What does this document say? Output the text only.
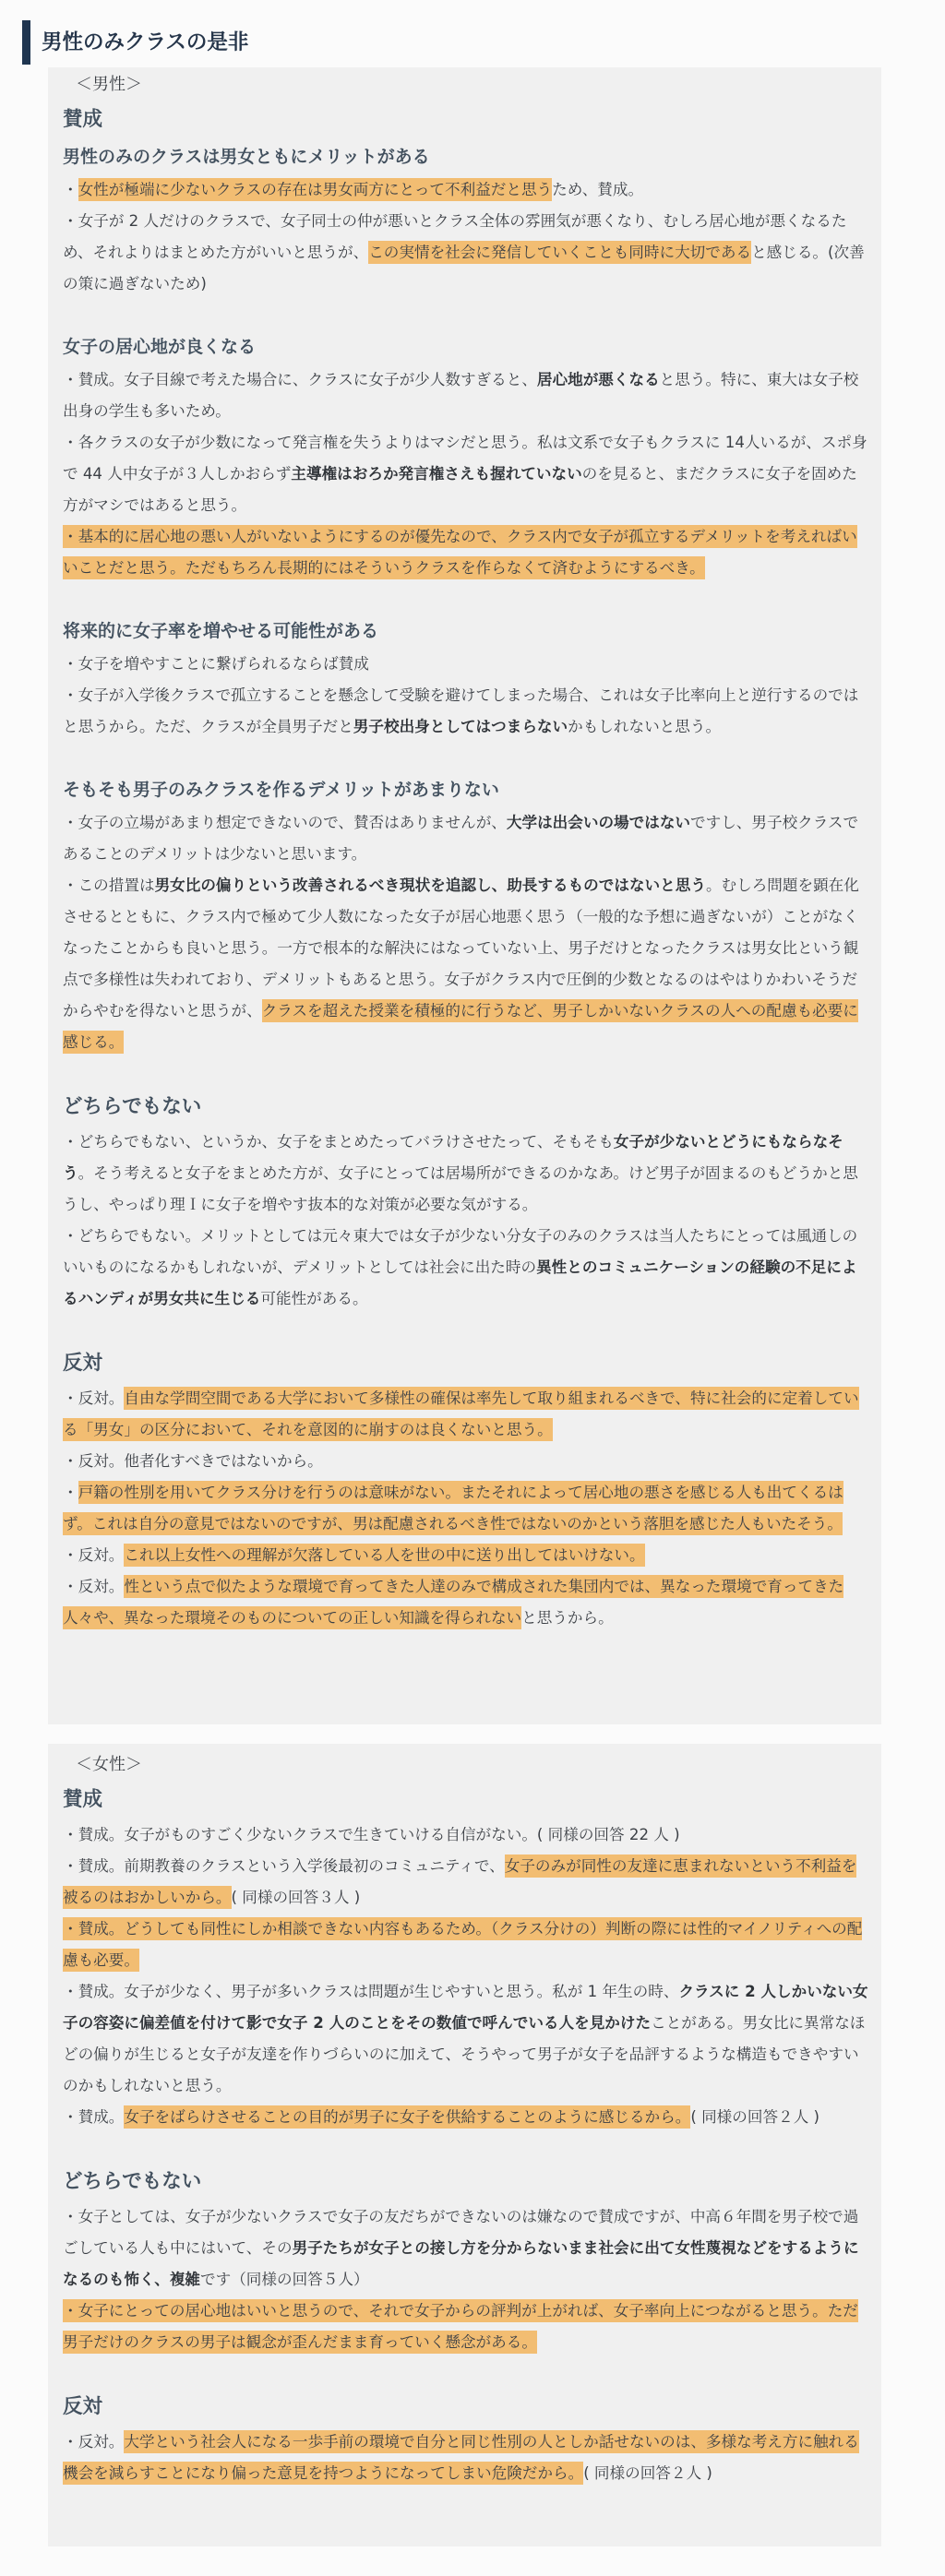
男性のみクラスの是非
＜男性＞
賛成
男性のみのクラスは男女ともにメリットがある

・女性が極端に少ないクラスの存在は男女両方にとって不利益だと思うため、賛成。

・女子が 2 人だけのクラスで、女子同士の仲が悪いとクラス全体の雰囲気が悪くなり、むしろ居心地が悪くなるため、それよりはまとめた方がいいと思うが、この実情を社会に発信していくことも同時に大切であると感じる。(次善の策に過ぎないため)

女子の居心地が良くなる

・賛成。女子目線で考えた場合に、クラスに女子が少人数すぎると、居心地が悪くなると思う。特に、東大は女子校出身の学生も多いため。

・各クラスの女子が少数になって発言権を失うよりはマシだと思う。私は文系で女子もクラスに 14人いるが、スポ身で 44 人中女子が３人しかおらず主導権はおろか発言権さえも握れていないのを見ると、まだクラスに女子を固めた方がマシではあると思う。

・基本的に居心地の悪い人がいないようにするのが優先なので、クラス内で女子が孤立するデメリットを考えればいいことだと思う。ただもちろん長期的にはそういうクラスを作らなくて済むようにするべき。

将来的に女子率を増やせる可能性がある

・女子を増やすことに繋げられるならば賛成

・女子が入学後クラスで孤立することを懸念して受験を避けてしまった場合、これは女子比率向上と逆行するのではと思うから。ただ、クラスが全員男子だと男子校出身としてはつまらないかもしれないと思う。

そもそも男子のみクラスを作るデメリットがあまりない

・女子の立場があまり想定できないので、賛否はありませんが、大学は出会いの場ではないですし、男子校クラスであることのデメリットは少ないと思います。

・この措置は男女比の偏りという改善されるべき現状を追認し、助長するものではないと思う。むしろ問題を顕在化させるとともに、クラス内で極めて少人数になった女子が居心地悪く思う（一般的な予想に過ぎないが）ことがなくなったことからも良いと思う。一方で根本的な解決にはなっていない上、男子だけとなったクラスは男女比という観点で多様性は失われており、デメリットもあると思う。女子がクラス内で圧倒的少数となるのはやはりかわいそうだからやむを得ないと思うが、クラスを超えた授業を積極的に行うなど、男子しかいないクラスの人への配慮も必要に感じる。

どちらでもない

・どちらでもない、というか、女子をまとめたってバラけさせたって、そもそも女子が少ないとどうにもならなそう。そう考えると女子をまとめた方が、女子にとっては居場所ができるのかなあ。けど男子が固まるのもどうかと思うし、やっぱり理Ｉに女子を増やす抜本的な対策が必要な気がする。

・どちらでもない。メリットとしては元々東大では女子が少ない分女子のみのクラスは当人たちにとっては風通しのいいものになるかもしれないが、デメリットとしては社会に出た時の異性とのコミュニケーションの経験の不足によるハンディが男女共に生じる可能性がある。

反対

・反対。自由な学問空間である大学において多様性の確保は率先して取り組まれるべきで、特に社会的に定着している「男女」の区分において、それを意図的に崩すのは良くないと思う。

・反対。他者化すべきではないから。

・戸籍の性別を用いてクラス分けを行うのは意味がない。またそれによって居心地の悪さを感じる人も出てくるはず。これは自分の意見ではないのですが、男は配慮されるべき性ではないのかという落胆を感じた人もいたそう。

・反対。これ以上女性への理解が欠落している人を世の中に送り出してはいけない。

・反対。性という点で似たような環境で育ってきた人達のみで構成された集団内では、異なった環境で育ってきた人々や、異なった環境そのものについての正しい知識を得られないと思うから。

＜女性＞
賛成

・賛成。女子がものすごく少ないクラスで生きていける自信がない。( 同様の回答 22 人 )

・賛成。前期教養のクラスという入学後最初のコミュニティで、女子のみが同性の友達に恵まれないという不利益を被るのはおかしいから。( 同様の回答３人 )

・賛成。どうしても同性にしか相談できない内容もあるため。（クラス分けの）判断の際には性的マイノリティへの配慮も必要。

・賛成。女子が少なく、男子が多いクラスは問題が生じやすいと思う。私が 1 年生の時、クラスに 2 人しかいない女子の容姿に偏差値を付けて影で女子 2 人のことをその数値で呼んでいる人を見かけたことがある。男女比に異常なほどの偏りが生じると女子が友達を作りづらいのに加えて、そうやって男子が女子を品評するような構造もできやすいのかもしれないと思う。

・賛成。女子をばらけさせることの目的が男子に女子を供給することのように感じるから。( 同様の回答２人 )

どちらでもない

・女子としては、女子が少ないクラスで女子の友だちができないのは嫌なので賛成ですが、中高６年間を男子校で過ごしている人も中にはいて、その男子たちが女子との接し方を分からないまま社会に出て女性蔑視などをするようになるのも怖く、複雑です（同様の回答５人）

・女子にとっての居心地はいいと思うので、それで女子からの評判が上がれば、女子率向上につながると思う。ただ男子だけのクラスの男子は観念が歪んだまま育っていく懸念がある。

反対

・反対。大学という社会人になる一歩手前の環境で自分と同じ性別の人としか話せないのは、多様な考え方に触れる機会を減らすことになり偏った意見を持つようになってしまい危険だから。( 同様の回答２人 )
